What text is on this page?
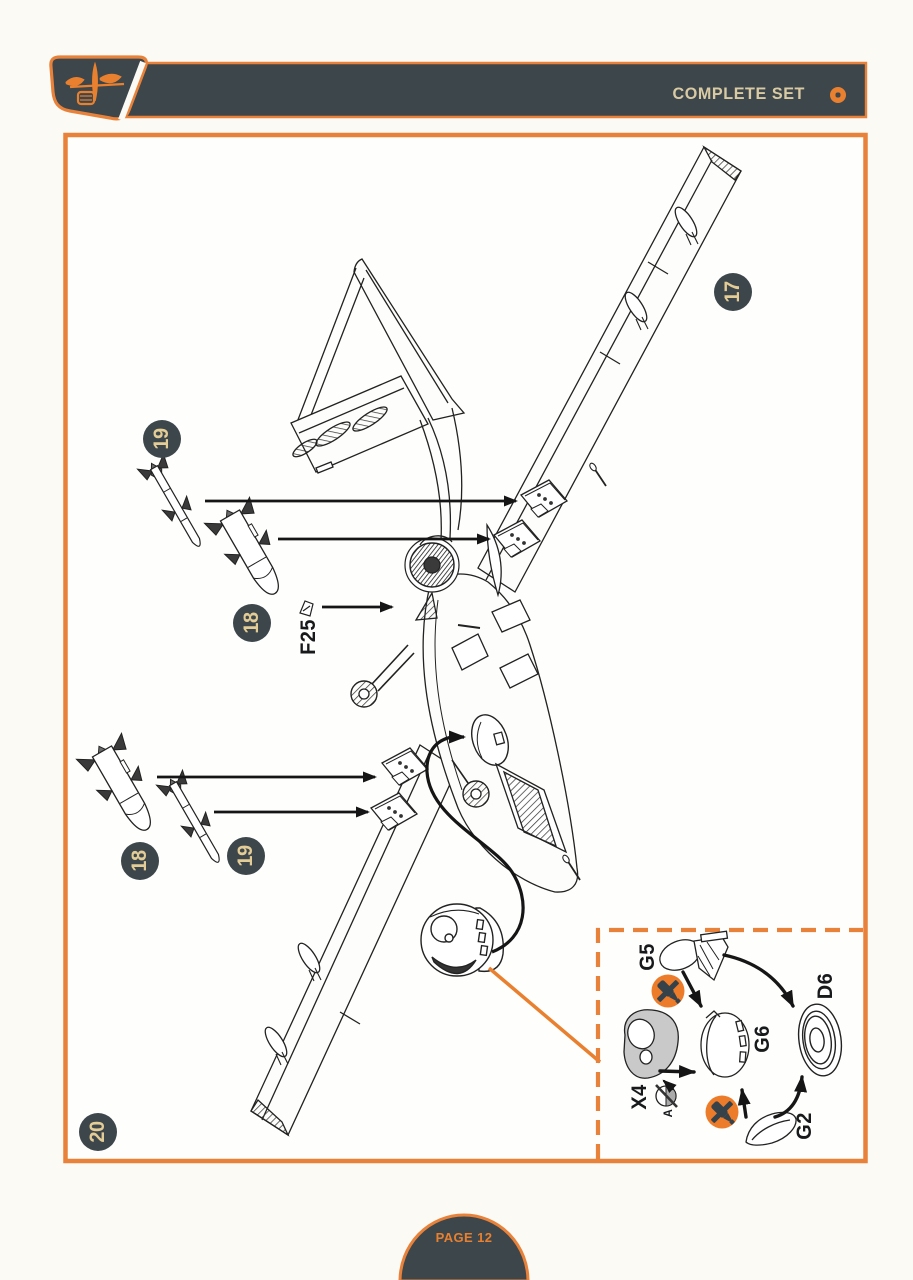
COMPLETE SET
17
19
18
18	19
20
F25
G5
D6
G6
X4
A	G2
PAGE 12
